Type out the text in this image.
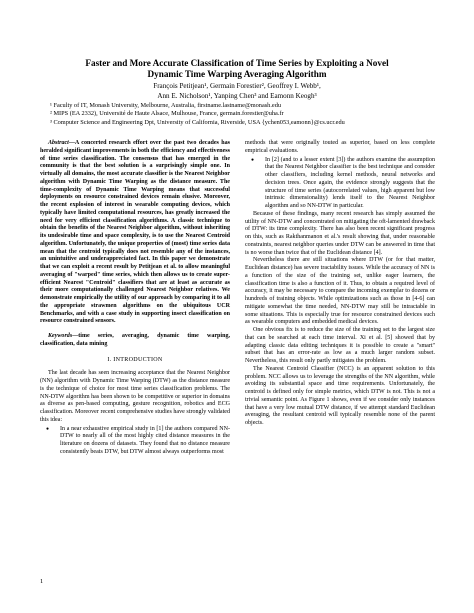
Faster and More Accurate Classification of Time Series by Exploiting a Novel
Dynamic Time Warping Averaging Algorithm
François Petitjean¹, Germain Forestier², Geoffrey I. Webb¹,
Ann E. Nicholson¹, Yanping Chen³ and Eamonn Keogh³
¹ Faculty of IT, Monash University, Melbourne, Australia, firstname.lastname@monash.edu
² MIPS (EA 2332), Université de Haute Alsace, Mulhouse, France, germain.forestier@uha.fr
³ Computer Science and Engineering Dpt, University of California, Riverside, USA {ychen053,eamonn}@cs.ucr.edu

Abstract—A concerted research effort over the past two decades has heralded significant improvements in both the efficiency and effectiveness of time series classification. The consensus that has emerged in the community is that the best solution is a surprisingly simple one. In virtually all domains, the most accurate classifier is the Nearest Neighbor algorithm with Dynamic Time Warping as the distance measure. The time-complexity of Dynamic Time Warping means that successful deployments on resource constrained devices remain elusive. Moreover, the recent explosion of interest in wearable computing devices, which typically have limited computational resources, has greatly increased the need for very efficient classification algorithms. A classic technique to obtain the benefits of the Nearest Neighbor algorithm, without inheriting its undesirable time and space complexity, is to use the Nearest Centroid algorithm. Unfortunately, the unique properties of (most) time series data mean that the centroid typically does not resemble any of the instances, an unintuitive and underappreciated fact. In this paper we demonstrate that we can exploit a recent result by Petitjean et al. to allow meaningful averaging of "warped" time series, which then allows us to create super-efficient Nearest "Centroid" classifiers that are at least as accurate as their more computationally challenged Nearest Neighbor relatives. We demonstrate empirically the utility of our approach by comparing it to all the appropriate strawmen algorithms on the ubiquitous UCR Benchmarks, and with a case study in supporting insect classification on resource constrained sensors.

Keywords—time series, averaging, dynamic time warping, classification, data mining

I. INTRODUCTION

The last decade has seen increasing acceptance that the Nearest Neighbor (NN) algorithm with Dynamic Time Warping (DTW) as the distance measure is the technique of choice for most time series classification problems. The NN-DTW algorithm has been shown to be competitive or superior in domains as diverse as pen-based computing, gesture recognition, robotics and ECG classification. Moreover recent comprehensive studies have strongly validated this idea:

●	In a near exhaustive empirical study in [1] the authors compared NN-DTW to nearly all of the most highly cited distance measures in the literature on dozens of datasets. They found that no distance measure consistently beats DTW, but DTW almost always outperforms most

methods that were originally touted as superior, based on less complete empirical evaluations.

●	In [2] (and to a lesser extent [3]) the authors examine the assumption that the Nearest Neighbor classifier is the best technique and consider other classifiers, including kernel methods, neural networks and decision trees. Once again, the evidence strongly suggests that the structure of time series (autocorrelated values, high apparent but low intrinsic dimensionality) lends itself to the Nearest Neighbor algorithm and so NN-DTW in particular.

Because of these findings, many recent research has simply assumed the utility of NN-DTW and concentrated on mitigating the oft-lamented drawback of DTW: its time complexity. There has also been recent significant progress on this, such as Rakthanmanon et al.'s result showing that, under reasonable constraints, nearest neighbor queries under DTW can be answered in time that is no worse than twice that of the Euclidean distance [4].

Nevertheless there are still situations where DTW (or for that matter, Euclidean distance) has severe tractability issues. While the accuracy of NN is a function of the size of the training set, unlike eager learners, the classification time is also a function of it. Thus, to obtain a required level of accuracy, it may be necessary to compare the incoming exemplar to dozens or hundreds of training objects. While optimizations such as those in [4-6] can mitigate somewhat the time needed, NN-DTW may still be intractable in some situations. This is especially true for resource constrained devices such as wearable computers and embedded medical devices.

One obvious fix is to reduce the size of the training set to the largest size that can be searched at each time interval. Xi et al. [5] showed that by adapting classic data editing techniques it is possible to create a "smart" subset that has an error-rate as low as a much larger random subset. Nevertheless, this result only partly mitigates the problem.

The Nearest Centroid Classifier (NCC) is an apparent solution to this problem. NCC allows us to leverage the strengths of the NN algorithm, while avoiding its substantial space and time requirements. Unfortunately, the centroid is defined only for simple metrics, which DTW is not. This is not a trivial semantic point. As Figure 1 shows, even if we consider only instances that have a very low mutual DTW distance, if we attempt standard Euclidean averaging, the resultant centroid will typically resemble none of the parent objects.

1
